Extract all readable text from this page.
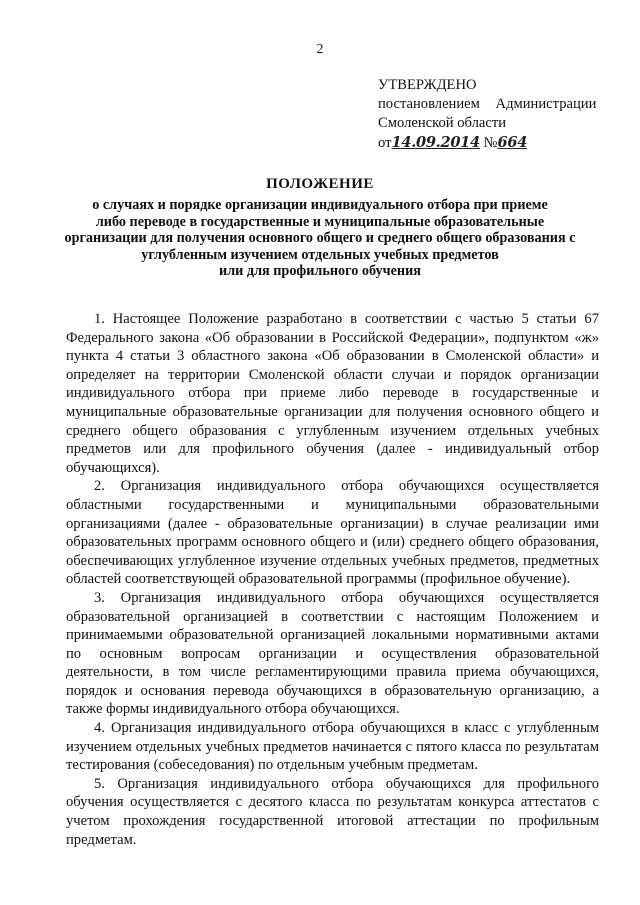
2
УТВЕРЖДЕНО
постановлением Администрации
Смоленской области
от14.09.2014 №664
ПОЛОЖЕНИЕ
о случаях и порядке организации индивидуального отбора при приеме
либо переводе в государственные и муниципальные образовательные
организации для получения основного общего и среднего общего образования с
углубленным изучением отдельных учебных предметов
или для профильного обучения

1. Настоящее Положение разработано в соответствии с частью 5 статьи 67 Федерального закона «Об образовании в Российской Федерации», подпунктом «ж» пункта 4 статьи 3 областного закона «Об образовании в Смоленской области» и определяет на территории Смоленской области случаи и порядок организации индивидуального отбора при приеме либо переводе в государственные и муниципальные образовательные организации для получения основного общего и среднего общего образования с углубленным изучением отдельных учебных предметов или для профильного обучения (далее - индивидуальный отбор обучающихся).

2. Организация индивидуального отбора обучающихся осуществляется областными государственными и муниципальными образовательными организациями (далее - образовательные организации) в случае реализации ими образовательных программ основного общего и (или) среднего общего образования, обеспечивающих углубленное изучение отдельных учебных предметов, предметных областей соответствующей образовательной программы (профильное обучение).

3. Организация индивидуального отбора обучающихся осуществляется образовательной организацией в соответствии с настоящим Положением и принимаемыми образовательной организацией локальными нормативными актами по основным вопросам организации и осуществления образовательной деятельности, в том числе регламентирующими правила приема обучающихся, порядок и основания перевода обучающихся в образовательную организацию, а также формы индивидуального отбора обучающихся.

4. Организация индивидуального отбора обучающихся в класс с углубленным изучением отдельных учебных предметов начинается с пятого класса по результатам тестирования (собеседования) по отдельным учебным предметам.

5. Организация индивидуального отбора обучающихся для профильного обучения осуществляется с десятого класса по результатам конкурса аттестатов с учетом прохождения государственной итоговой аттестации по профильным предметам.
